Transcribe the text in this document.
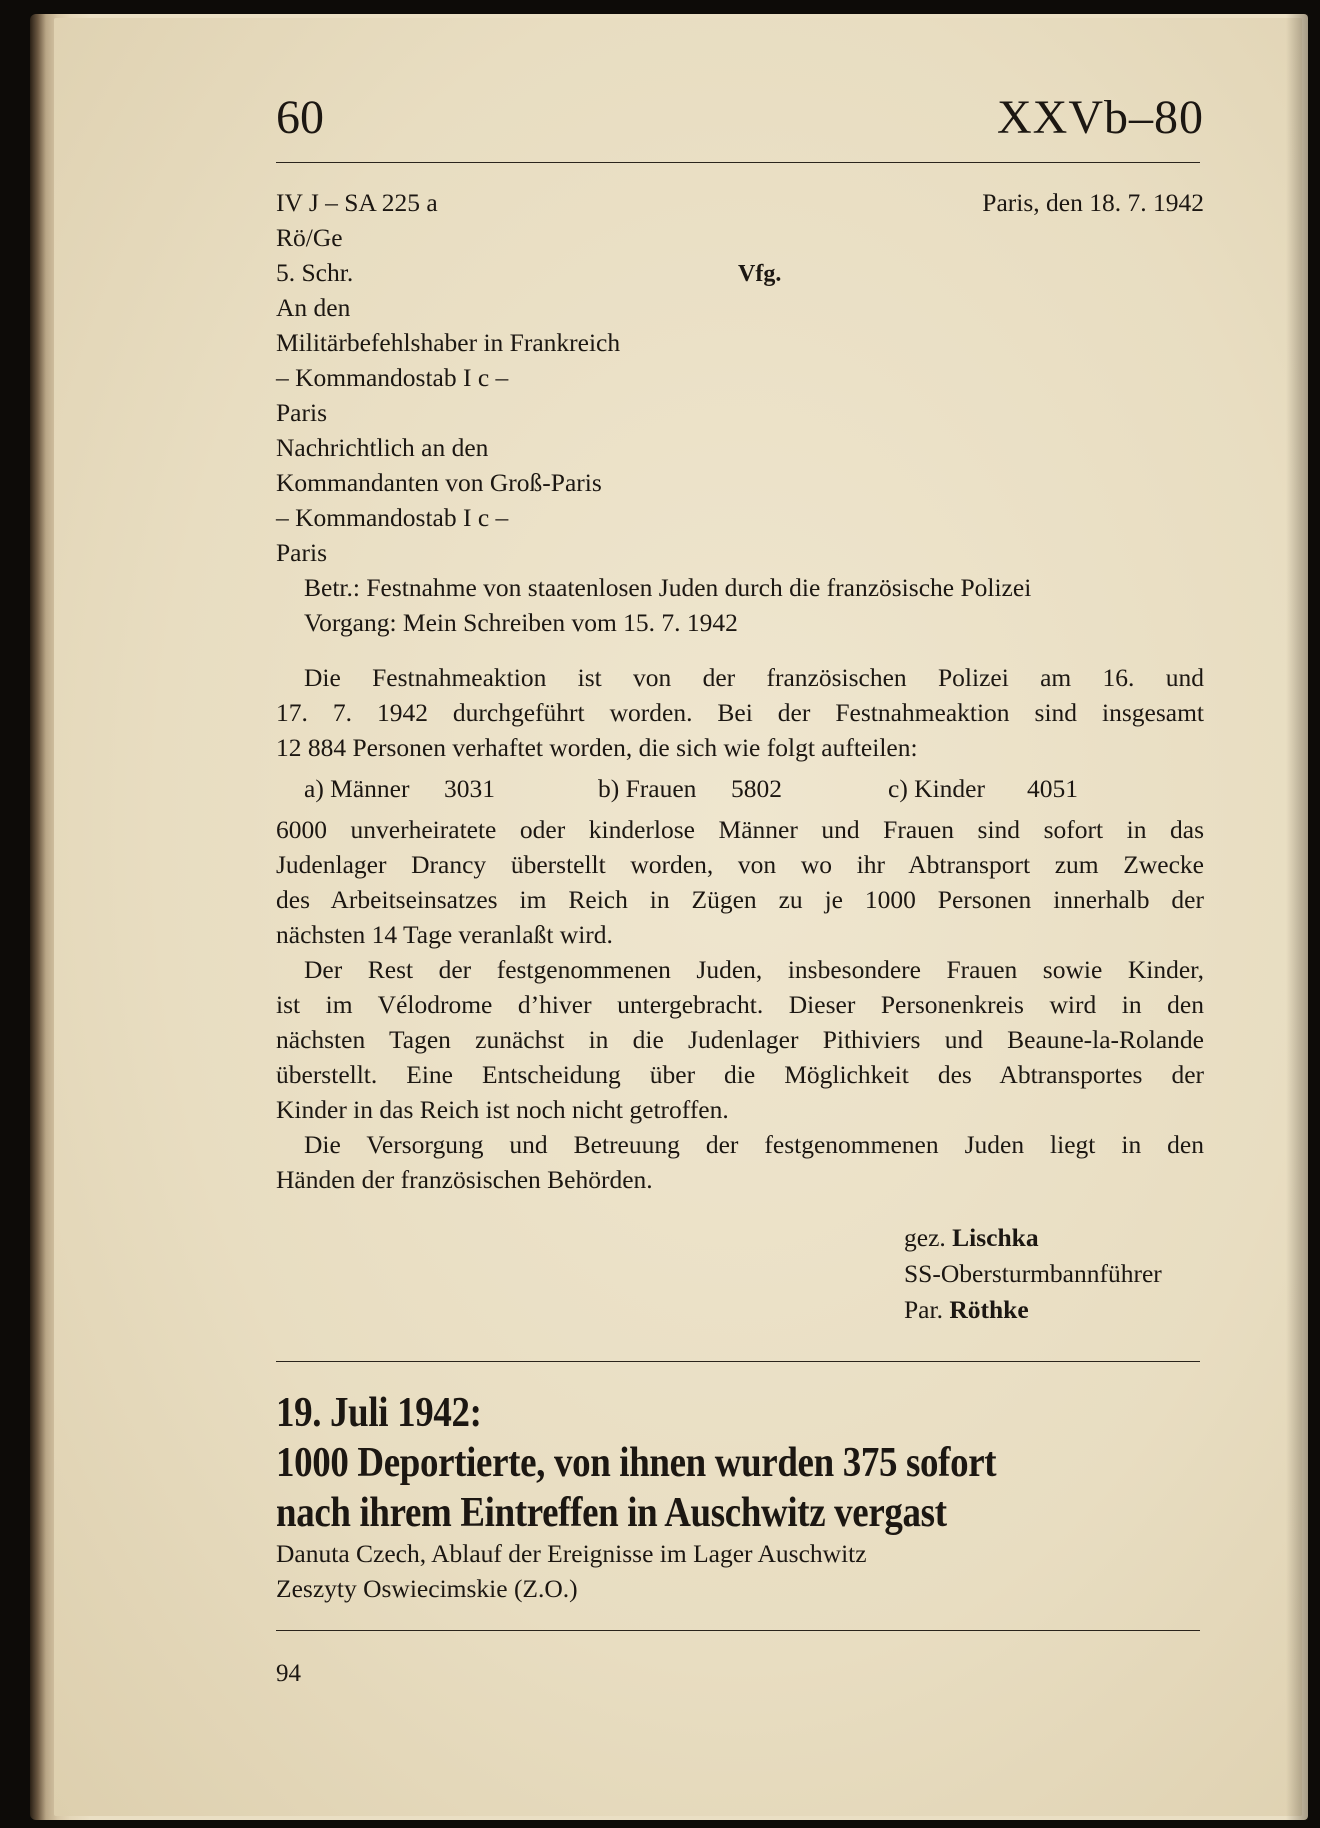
60	XXVb–80
IV J – SA 225 a
Rö/Ge
5. Schr.
Paris, den 18. 7. 1942
Vfg.
An den
Militärbefehlshaber in Frankreich
– Kommandostab I c –
Paris
Nachrichtlich an den
Kommandanten von Groß-Paris
– Kommandostab I c –
Paris
Betr.: Festnahme von staatenlosen Juden durch die französische Polizei
Vorgang: Mein Schreiben vom 15. 7. 1942
Die Festnahmeaktion ist von der französischen Polizei am 16. und
17. 7. 1942 durchgeführt worden. Bei der Festnahmeaktion sind insgesamt
12 884 Personen verhaftet worden, die sich wie folgt aufteilen:
a) Männer 3031	b) Frauen 5802	c) Kinder 4051
6000 unverheiratete oder kinderlose Männer und Frauen sind sofort in das
Judenlager Drancy überstellt worden, von wo ihr Abtransport zum Zwecke
des Arbeitseinsatzes im Reich in Zügen zu je 1000 Personen innerhalb der
nächsten 14 Tage veranlaßt wird.
Der Rest der festgenommenen Juden, insbesondere Frauen sowie Kinder,
ist im Vélodrome d’hiver untergebracht. Dieser Personenkreis wird in den
nächsten Tagen zunächst in die Judenlager Pithiviers und Beaune-la-Rolande
überstellt. Eine Entscheidung über die Möglichkeit des Abtransportes der
Kinder in das Reich ist noch nicht getroffen.
Die Versorgung und Betreuung der festgenommenen Juden liegt in den
Händen der französischen Behörden.
gez. Lischka
SS-Obersturmbannführer
Par. Röthke
19. Juli 1942:
1000 Deportierte, von ihnen wurden 375 sofort
nach ihrem Eintreffen in Auschwitz vergast
Danuta Czech, Ablauf der Ereignisse im Lager Auschwitz
Zeszyty Oswiecimskie (Z.O.)
94
